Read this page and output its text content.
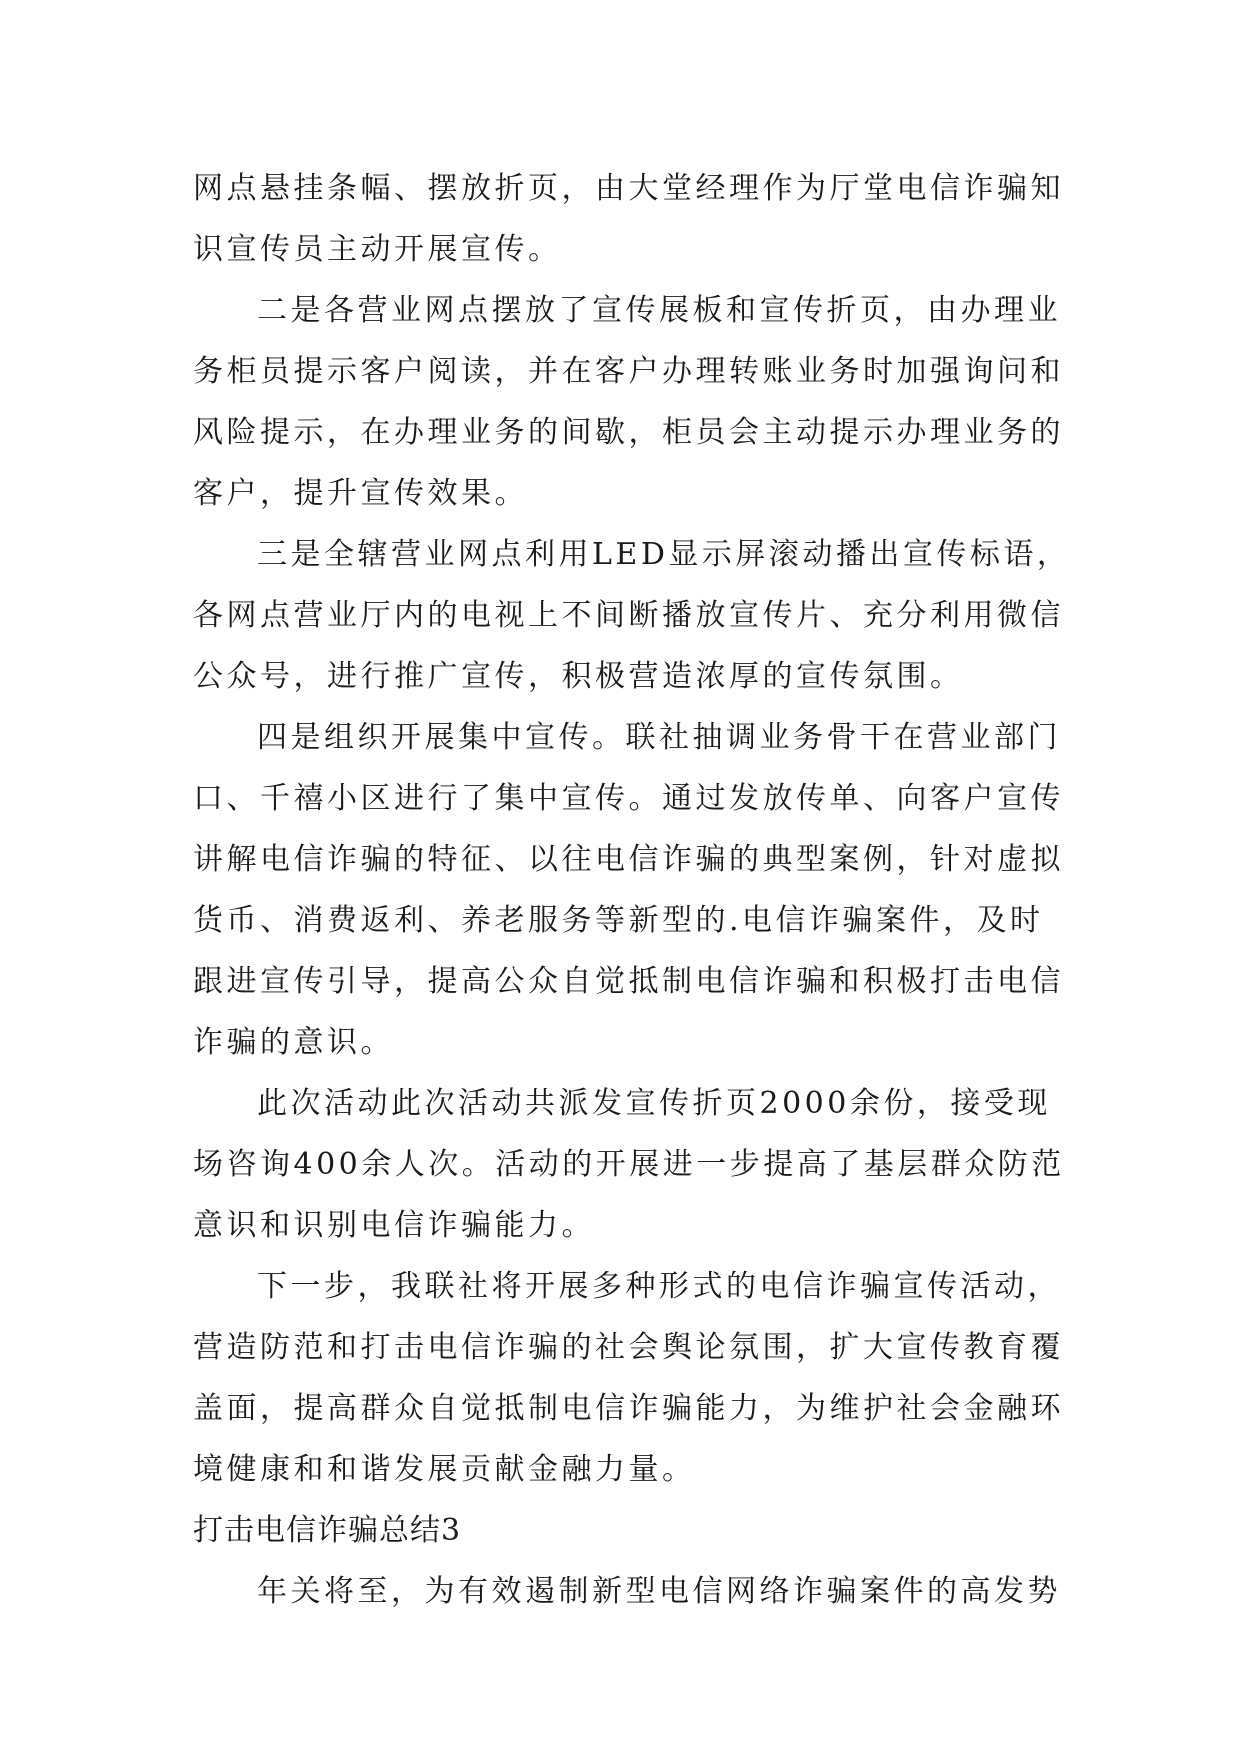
网点悬挂条幅、摆放折页，由大堂经理作为厅堂电信诈骗知
识宣传员主动开展宣传。
二是各营业网点摆放了宣传展板和宣传折页，由办理业
务柜员提示客户阅读，并在客户办理转账业务时加强询问和
风险提示，在办理业务的间歇，柜员会主动提示办理业务的
客户，提升宣传效果。
三是全辖营业网点利用LED显示屏滚动播出宣传标语，
各网点营业厅内的电视上不间断播放宣传片、充分利用微信
公众号，进行推广宣传，积极营造浓厚的宣传氛围。
四是组织开展集中宣传。联社抽调业务骨干在营业部门
口、千禧小区进行了集中宣传。通过发放传单、向客户宣传
讲解电信诈骗的特征、以往电信诈骗的典型案例，针对虚拟
货币、消费返利、养老服务等新型的.电信诈骗案件，及时
跟进宣传引导，提高公众自觉抵制电信诈骗和积极打击电信
诈骗的意识。
此次活动此次活动共派发宣传折页2000余份，接受现
场咨询400余人次。活动的开展进一步提高了基层群众防范
意识和识别电信诈骗能力。
下一步，我联社将开展多种形式的电信诈骗宣传活动，
营造防范和打击电信诈骗的社会舆论氛围，扩大宣传教育覆
盖面，提高群众自觉抵制电信诈骗能力，为维护社会金融环
境健康和和谐发展贡献金融力量。
打击电信诈骗总结3
年关将至，为有效遏制新型电信网络诈骗案件的高发势
